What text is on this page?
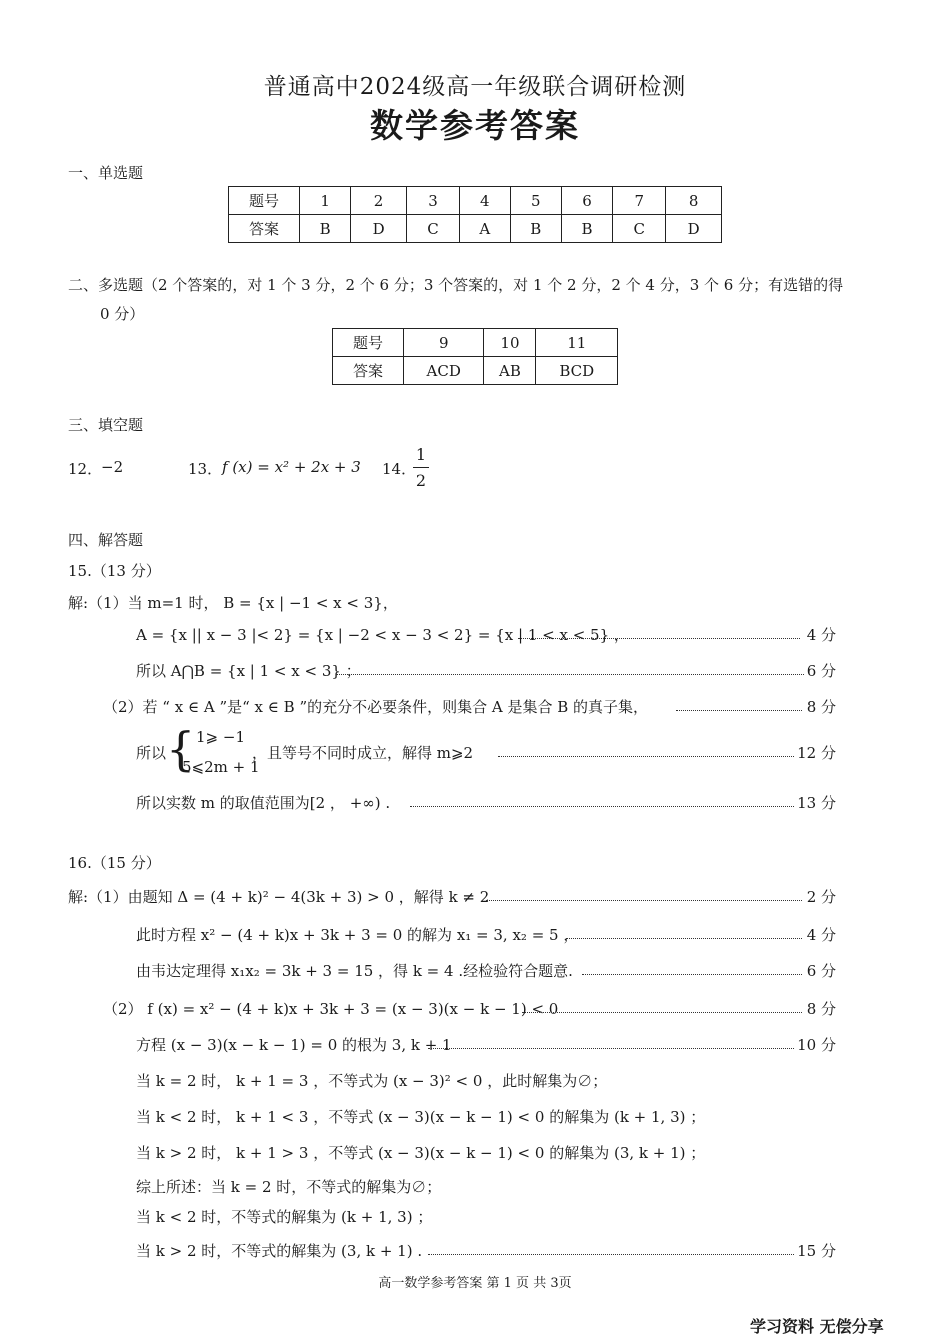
普通高中2024级高一年级联合调研检测
数学参考答案
一、单选题
题号	1	2	3	4	5	6	7	8
答案	B	D	C	A	B	B	C	D
二、多选题（2 个答案的，对 1 个 3 分，2 个 6 分；3 个答案的，对 1 个 2 分，2 个 4 分，3 个 6 分；有选错的得
0 分）
题号	9	10	11
答案	ACD	AB	BCD
三、填空题
12．
−2	13． f (x) = x² + 2x + 3 14．
1
2
四、解答题
15.（13 分）
解:（1）当 m=1 时， B = {x | −1 < x < 3}，
A = {x || x − 3 |< 2} = {x | −2 < x − 3 < 2} = {x | 1 < x < 5} ，	4 分
所以 A⋂B = {x | 1 < x < 3} ；	6 分
（2）若 “ x ∈ A ”是“ x ∈ B ”的充分不必要条件，则集合 A 是集合 B 的真子集，	8 分
所以 { 1⩾ −1
5⩽2m + 1
，且等号不同时成立，解得 m⩾2	12 分
所以实数 m 的取值范围为[2 ， +∞) .	13 分
16.（15 分）
解:（1）由题知 Δ = (4 + k)² − 4(3k + 3) > 0 ，解得 k ≠ 2	2 分
此时方程 x² − (4 + k)x + 3k + 3 = 0 的解为 x₁ = 3, x₂ = 5 ，	4 分
由韦达定理得 x₁x₂ = 3k + 3 = 15 ，得 k = 4 .经检验符合题意.	6 分
（2） f (x) = x² − (4 + k)x + 3k + 3 = (x − 3)(x − k − 1) < 0	8 分
方程 (x − 3)(x − k − 1) = 0 的根为 3, k + 1	10 分
当 k = 2 时， k + 1 = 3 ，不等式为 (x − 3)² < 0 ，此时解集为∅；
当 k < 2 时， k + 1 < 3 ，不等式 (x − 3)(x − k − 1) < 0 的解集为 (k + 1, 3) ；
当 k > 2 时， k + 1 > 3 ，不等式 (x − 3)(x − k − 1) < 0 的解集为 (3, k + 1) ；
综上所述：当 k = 2 时，不等式的解集为∅；
当 k < 2 时，不等式的解集为 (k + 1, 3) ；
当 k > 2 时，不等式的解集为 (3, k + 1) .	15 分
高一数学参考答案 第 1 页 共 3页
学习资料 无偿分享
